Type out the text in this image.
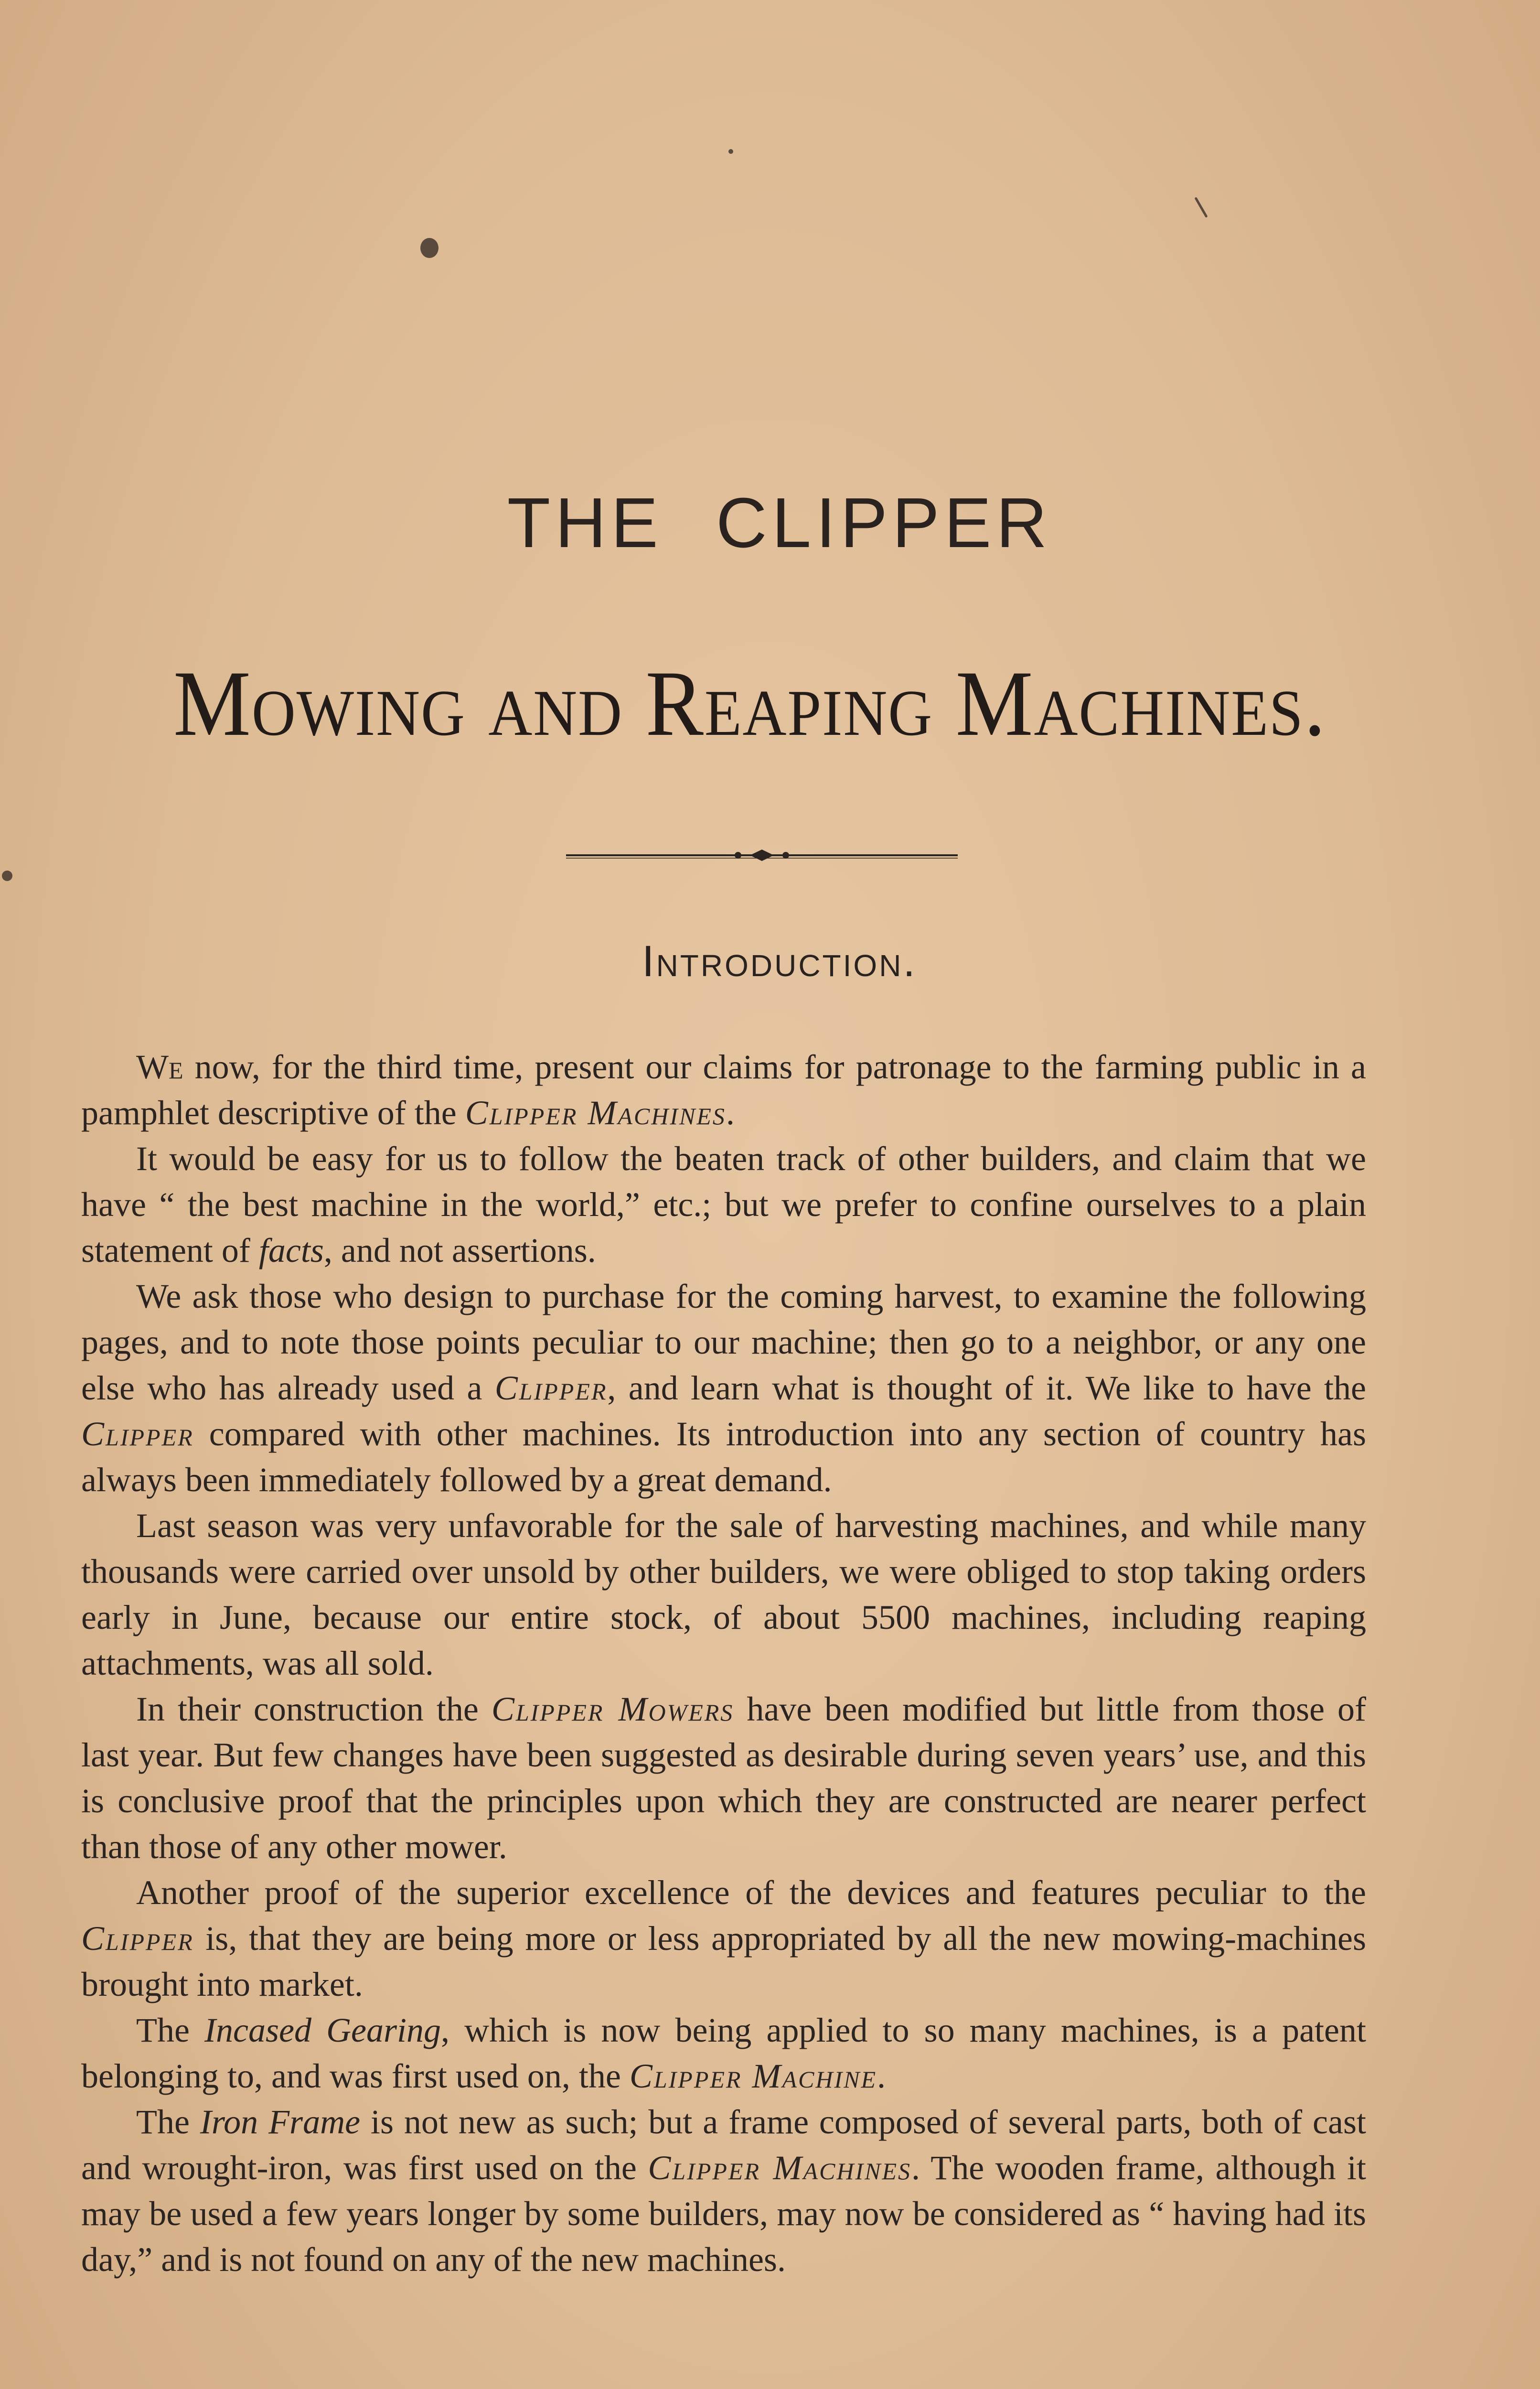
THE CLIPPER
Mowing and Reaping Machines.
Introduction.

We now, for the third time, present our claims for patronage to the farming public in a pamphlet descriptive of the Clipper Machines.

It would be easy for us to follow the beaten track of other builders, and claim that we have “ the best machine in the world,” etc.; but we prefer to confine ourselves to a plain statement of facts, and not assertions.

We ask those who design to purchase for the coming harvest, to examine the following pages, and to note those points peculiar to our machine; then go to a neighbor, or any one else who has already used a Clipper, and learn what is thought of it. We like to have the Clipper compared with other machines. Its introduction into any section of country has always been immediately followed by a great demand.

Last season was very unfavorable for the sale of harvesting machines, and while many thousands were carried over unsold by other builders, we were obliged to stop taking orders early in June, because our entire stock, of about 5500 machines, including reaping attachments, was all sold.

In their construction the Clipper Mowers have been modified but little from those of last year. But few changes have been suggested as desirable during seven years’ use, and this is conclusive proof that the principles upon which they are constructed are nearer perfect than those of any other mower.

Another proof of the superior excellence of the devices and features peculiar to the Clipper is, that they are being more or less appropriated by all the new mowing-machines brought into market.

The Incased Gearing, which is now being applied to so many machines, is a patent belonging to, and was first used on, the Clipper Machine.

The Iron Frame is not new as such; but a frame composed of several parts, both of cast and wrought-iron, was first used on the Clipper Machines. The wooden frame, although it may be used a few years longer by some builders, may now be considered as “ having had its day,” and is not found on any of the new machines.
